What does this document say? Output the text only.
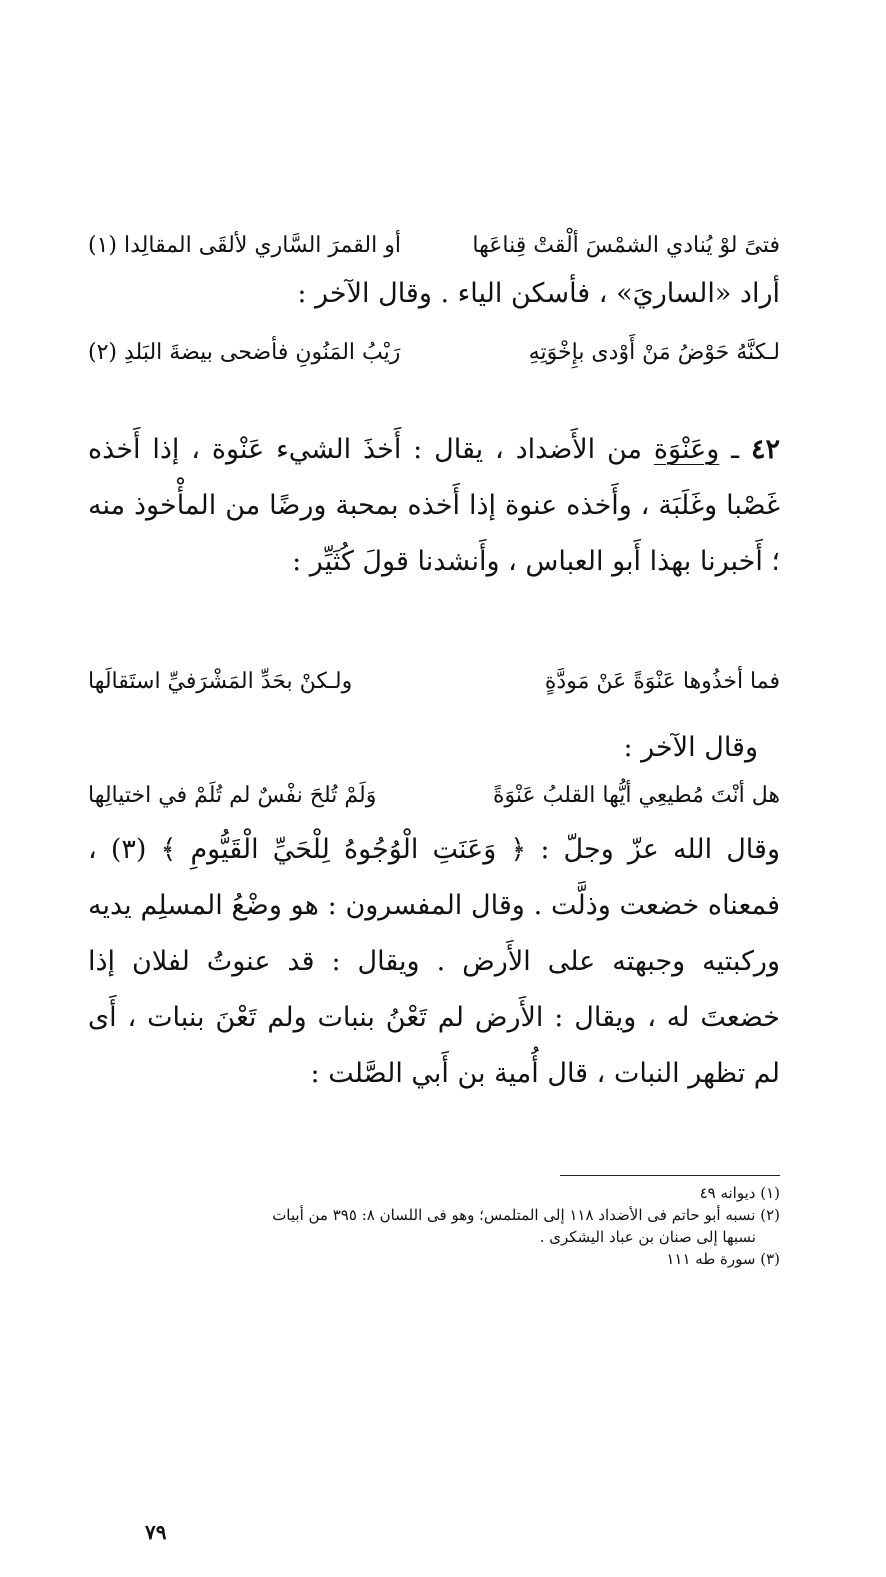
فتىً لوْ يُنادي الشمْسَ ألْقتْ قِناعَها
أو القمرَ السَّاري لألقَى المقالِدا (١)

أراد «الساريَ» ، فأسكن الياء . وقال الآخر :

لـكنَّهُ حَوْضُ مَنْ أَوْدى بإِخْوَتِهِ
رَيْبُ المَنُونِ فأضحى بيضةَ البَلدِ (٢)

٤٢ ـ وعَنْوَة من الأَضداد ، يقال : أَخذَ الشيء عَنْوة ، إذا أَخذه غَصْبا وغَلَبَة ، وأَخذه عنوة إذا أَخذه بمحبة ورضًا من المأْخوذ منه ؛ أَخبرنا بهذا أَبو العباس ، وأَنشدنا قولَ كُثَيِّر :

فما أخذُوها عَنْوَةً عَنْ مَودَّةٍ
ولـكنْ بحَدِّ المَشْرَفيِّ استَقالَها

وقال الآخر :

هل أنْتَ مُطيعِي أيُّها القلبُ عَنْوَةً
وَلَمْ تُلحَ نفْسٌ لم تُلَمْ في اختيالِها

وقال الله عزّ وجلّ : ﴿ وَعَنَتِ الْوُجُوهُ لِلْحَيِّ الْقَيُّومِ ﴾ (٣) ، فمعناه خضعت وذلَّت . وقال المفسرون : هو وضْعُ المسلِم يديه وركبتيه وجبهته على الأَرض . ويقال : قد عنوتُ لفلان إذا خضعتَ له ، ويقال : الأَرض لم تَعْنُ بنبات ولم تَعْنَ بنبات ، أَى لم تظهر النبات ، قال أُمية بن أَبي الصَّلت :

(١) ديوانه ٤٩

(٢) نسبه أبو حاتم فى الأضداد ١١٨ إلى المتلمس؛ وهو فى اللسان ٨: ٣٩٥ من أبيات

نسبها إلى صنان بن عباد اليشكرى .

(٣) سورة طه ١١١

٧٩
